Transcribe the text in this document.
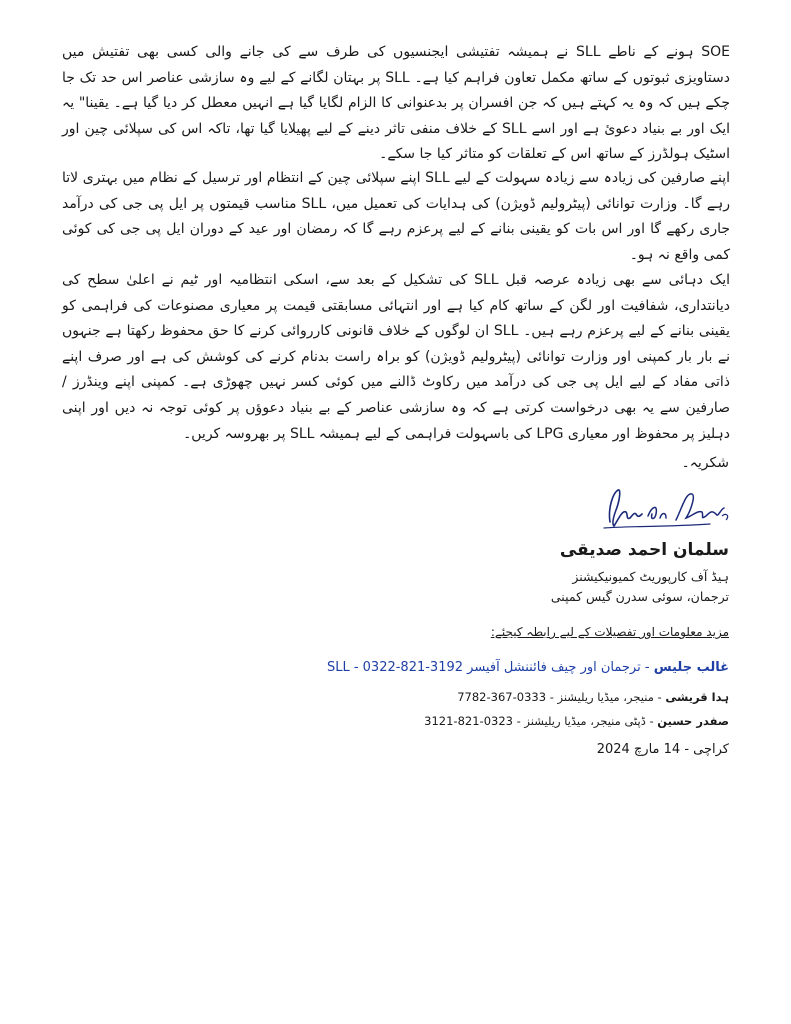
SOE ہونے کے ناطے SLL نے ہمیشہ تفتیشی ایجنسیوں کی طرف سے کی جانے والی کسی بھی تفتیش میں دستاویزی ثبوتوں کے ساتھ مکمل تعاون فراہم کیا ہے۔ SLL پر بہتان لگانے کے لیے وہ سازشی عناصر اس حد تک جا چکے ہیں کہ وہ یہ کہتے ہیں کہ جن افسران پر بدعنوانی کا الزام لگایا گیا ہے انہیں معطل کر دیا گیا ہے۔ یقینا" یہ ایک اور بے بنیاد دعوئ ہے اور اسے SLL کے خلاف منفی تاثر دینے کے لیے پھیلایا گیا تھا، تاکہ اس کی سپلائی چین اور اسٹیک ہولڈرز کے ساتھ اس کے تعلقات کو متاثر کیا جا سکے۔

اپنے صارفین کی زیادہ سے زیادہ سہولت کے لیے SLL اپنے سپلائی چین کے انتظام اور ترسیل کے نظام میں بہتری لاتا رہے گا۔ وزارت توانائی (پیٹرولیم ڈویژن) کی ہدایات کی تعمیل میں، SLL مناسب قیمتوں پر ایل پی جی کی درآمد جاری رکھے گا اور اس بات کو یقینی بنانے کے لیے پرعزم رہے گا کہ رمضان اور عید کے دوران ایل پی جی کی کوئی کمی واقع نہ ہو۔

ایک دہائی سے بھی زیادہ عرصہ قبل SLL کی تشکیل کے بعد سے، اسکی انتظامیہ اور ٹیم نے اعلیٰ سطح کی دیانتداری، شفافیت اور لگن کے ساتھ کام کیا ہے اور انتہائی مسابقتی قیمت پر معیاری مصنوعات کی فراہمی کو یقینی بنانے کے لیے پرعزم رہے ہیں۔ SLL ان لوگوں کے خلاف قانونی کارروائی کرنے کا حق محفوظ رکھتا ہے جنہوں نے بار بار کمپنی اور وزارت توانائی (پیٹرولیم ڈویژن) کو براہ راست بدنام کرنے کی کوشش کی ہے اور صرف اپنے ذاتی مفاد کے لیے ایل پی جی کی درآمد میں رکاوٹ ڈالنے میں کوئی کسر نہیں چھوڑی ہے۔ کمپنی اپنے وینڈرز / صارفین سے یہ بھی درخواست کرتی ہے کہ وہ سازشی عناصر کے بے بنیاد دعوؤں پر کوئی توجہ نہ دیں اور اپنی دہلیز پر محفوظ اور معیاری LPG کی باسہولت فراہمی کے لیے ہمیشہ SLL پر بھروسہ کریں۔

شکریہ۔
سلمان احمد صدیقی
ہیڈ آف کارپوریٹ کمیونیکیشنز
ترجمان، سوئی سدرن گیس کمپنی
مزید معلومات اور تفصیلات کے لیے رابطہ کیجئے:
غالب جلیس - ترجمان اور چیف فائننشل آفیسر SLL - 0322-821-3192
ہدا قریشی - منیجر، میڈیا ریلیشنز - 0333-367-7782
صفدر حسین - ڈپٹی منیجر، میڈیا ریلیشنز - 0323-821-3121
کراچی - 14 مارچ 2024
